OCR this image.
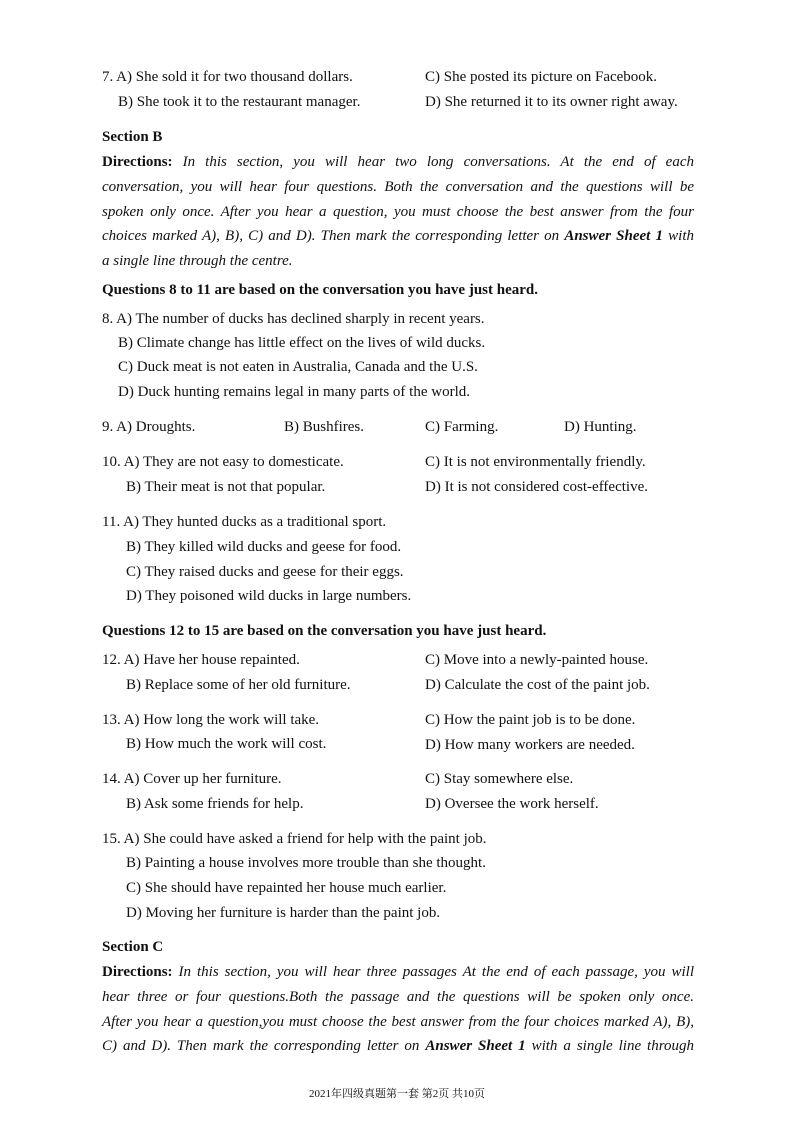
7. A) She sold it for two thousand dollars.	C) She posted its picture on Facebook.
B) She took it to the restaurant manager.	D) She returned it to its owner right away.
Section B
Directions: In this section, you will hear two long conversations. At the end of each
conversation, you will hear four questions. Both the conversation and the questions will be
spoken only once. After you hear a question, you must choose the best answer from the four
choices marked A), B), C) and D). Then mark the corresponding letter on Answer Sheet 1 with
a single line through the centre.
Questions 8 to 11 are based on the conversation you have just heard.
8. A) The number of ducks has declined sharply in recent years.
B) Climate change has little effect on the lives of wild ducks.
C) Duck meat is not eaten in Australia, Canada and the U.S.
D) Duck hunting remains legal in many parts of the world.
9. A) Droughts.	B) Bushfires.	C) Farming.	D) Hunting.
10. A) They are not easy to domesticate.	C) It is not environmentally friendly.
B) Their meat is not that popular.	D) It is not considered cost-effective.
11. A) They hunted ducks as a traditional sport.
B) They killed wild ducks and geese for food.
C) They raised ducks and geese for their eggs.
D) They poisoned wild ducks in large numbers.
Questions 12 to 15 are based on the conversation you have just heard.
12. A) Have her house repainted.	C) Move into a newly-painted house.
B) Replace some of her old furniture.	D) Calculate the cost of the paint job.
13. A) How long the work will take.	C) How the paint job is to be done.
B) How much the work will cost.	D) How many workers are needed.
14. A) Cover up her furniture.	C) Stay somewhere else.
B) Ask some friends for help.	D) Oversee the work herself.
15. A) She could have asked a friend for help with the paint job.
B) Painting a house involves more trouble than she thought.
C) She should have repainted her house much earlier.
D) Moving her furniture is harder than the paint job.
Section C
Directions: In this section, you will hear three passages At the end of each passage, you will
hear three or four questions.Both the passage and the questions will be spoken only once.
After you hear a question,you must choose the best answer from the four choices marked A), B),
C) and D). Then mark the corresponding letter on Answer Sheet 1 with a single line through
2021年四级真题第一套 第2页 共10页
